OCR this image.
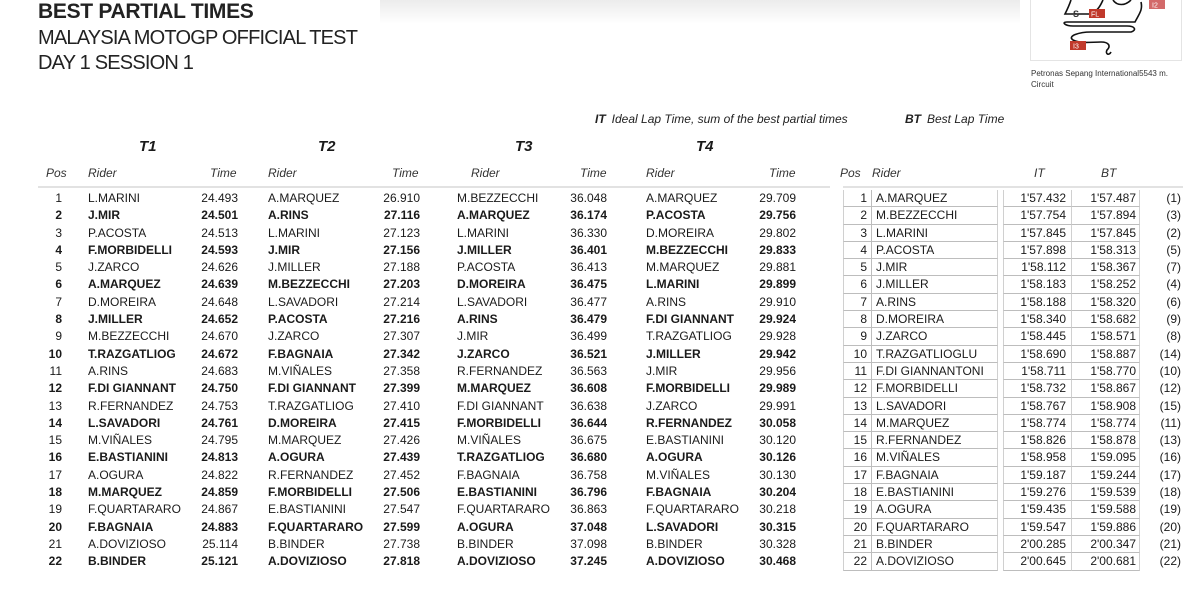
BEST PARTIAL TIMES
MALAYSIA MOTOGP OFFICIAL TEST
DAY 1 SESSION 1
S FL
I2
I3
Petronas Sepang International5543 m.
Circuit
IT Ideal Lap Time, sum of the best partial times	BT Best Lap Time
T1	T2	T3	T4
Pos Rider	Time	Rider	Time	Rider	Time	Rider	Time	Pos Rider	IT	BT
1 L.MARINI	24.493	A.MARQUEZ	26.910	M.BEZZECCHI	36.048	A.MARQUEZ	29.709
2 J.MIR	24.501	A.RINS	27.116	A.MARQUEZ	36.174	P.ACOSTA	29.756
3 P.ACOSTA	24.513	L.MARINI	27.123	L.MARINI	36.330	D.MOREIRA	29.802
4 F.MORBIDELLI	24.593	J.MIR	27.156	J.MILLER	36.401	M.BEZZECCHI	29.833
5 J.ZARCO	24.626	J.MILLER	27.188	P.ACOSTA	36.413	M.MARQUEZ	29.881
6 A.MARQUEZ	24.639	M.BEZZECCHI	27.203	D.MOREIRA	36.475	L.MARINI	29.899
7 D.MOREIRA	24.648	L.SAVADORI	27.214	L.SAVADORI	36.477	A.RINS	29.910
8 J.MILLER	24.652	P.ACOSTA	27.216	A.RINS	36.479	F.DI GIANNANT	29.924
9 M.BEZZECCHI	24.670	J.ZARCO	27.307	J.MIR	36.499	T.RAZGATLIOG	29.928
10 T.RAZGATLIOG	24.672	F.BAGNAIA	27.342	J.ZARCO	36.521	J.MILLER	29.942
11 A.RINS	24.683	M.VIÑALES	27.358	R.FERNANDEZ	36.563	J.MIR	29.956
12 F.DI GIANNANT	24.750	F.DI GIANNANT	27.399	M.MARQUEZ	36.608	F.MORBIDELLI	29.989
13 R.FERNANDEZ	24.753	T.RAZGATLIOG	27.410	F.DI GIANNANT	36.638	J.ZARCO	29.991
14 L.SAVADORI	24.761	D.MOREIRA	27.415	F.MORBIDELLI	36.644	R.FERNANDEZ	30.058
15 M.VIÑALES	24.795	M.MARQUEZ	27.426	M.VIÑALES	36.675	E.BASTIANINI	30.120
16 E.BASTIANINI	24.813	A.OGURA	27.439	T.RAZGATLIOG	36.680	A.OGURA	30.126
17 A.OGURA	24.822	R.FERNANDEZ	27.452	F.BAGNAIA	36.758	M.VIÑALES	30.130
18 M.MARQUEZ	24.859	F.MORBIDELLI	27.506	E.BASTIANINI	36.796	F.BAGNAIA	30.204
19 F.QUARTARARO	24.867	E.BASTIANINI	27.547	F.QUARTARARO	36.863	F.QUARTARARO	30.218
20 F.BAGNAIA	24.883	F.QUARTARARO	27.599	A.OGURA	37.048	L.SAVADORI	30.315
21 A.DOVIZIOSO	25.114	B.BINDER	27.738	B.BINDER	37.098	B.BINDER	30.328
22 B.BINDER	25.121	A.DOVIZIOSO	27.818	A.DOVIZIOSO	37.245	A.DOVIZIOSO	30.468
1 A.MARQUEZ	1'57.432	1'57.487	(1)
2 M.BEZZECCHI	1'57.754	1'57.894	(3)
3 L.MARINI	1'57.845	1'57.845	(2)
4 P.ACOSTA	1'57.898	1'58.313	(5)
5 J.MIR	1'58.112	1'58.367	(7)
6 J.MILLER	1'58.183	1'58.252	(4)
7 A.RINS	1'58.188	1'58.320	(6)
8 D.MOREIRA	1'58.340	1'58.682	(9)
9 J.ZARCO	1'58.445	1'58.571	(8)
10 T.RAZGATLIOGLU	1'58.690	1'58.887	(14)
11 F.DI GIANNANTONI	1'58.711	1'58.770	(10)
12 F.MORBIDELLI	1'58.732	1'58.867	(12)
13 L.SAVADORI	1'58.767	1'58.908	(15)
14 M.MARQUEZ	1'58.774	1'58.774	(11)
15 R.FERNANDEZ	1'58.826	1'58.878	(13)
16 M.VIÑALES	1'58.958	1'59.095	(16)
17 F.BAGNAIA	1'59.187	1'59.244	(17)
18 E.BASTIANINI	1'59.276	1'59.539	(18)
19 A.OGURA	1'59.435	1'59.588	(19)
20 F.QUARTARARO	1'59.547	1'59.886	(20)
21 B.BINDER	2'00.285	2'00.347	(21)
22 A.DOVIZIOSO	2'00.645	2'00.681	(22)
